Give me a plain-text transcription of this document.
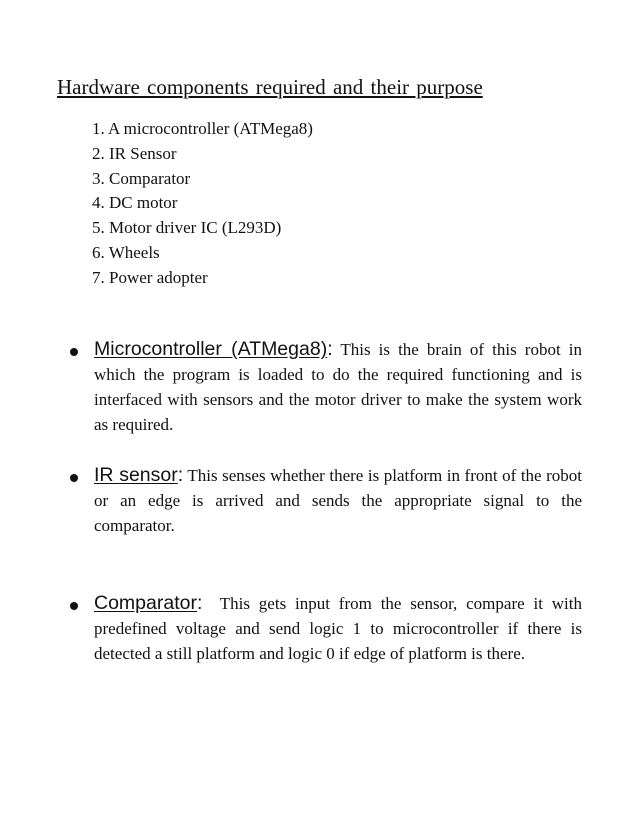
Hardware components required and their purpose
1. A microcontroller (ATMega8)
2. IR Sensor
3. Comparator
4. DC motor
5. Motor driver IC (L293D)
6. Wheels
7. Power adopter
Microcontroller (ATMega8): This is the brain of this robot in which the program is loaded to do the required functioning and is interfaced with sensors and the motor driver to make the system work as required.
IR sensor: This senses whether there is platform in front of the robot or an edge is arrived and sends the appropriate signal to the comparator.
Comparator:  This gets input from the sensor, compare it with predefined voltage and send logic 1 to microcontroller if there is detected a still platform and logic 0 if edge of platform is there.
